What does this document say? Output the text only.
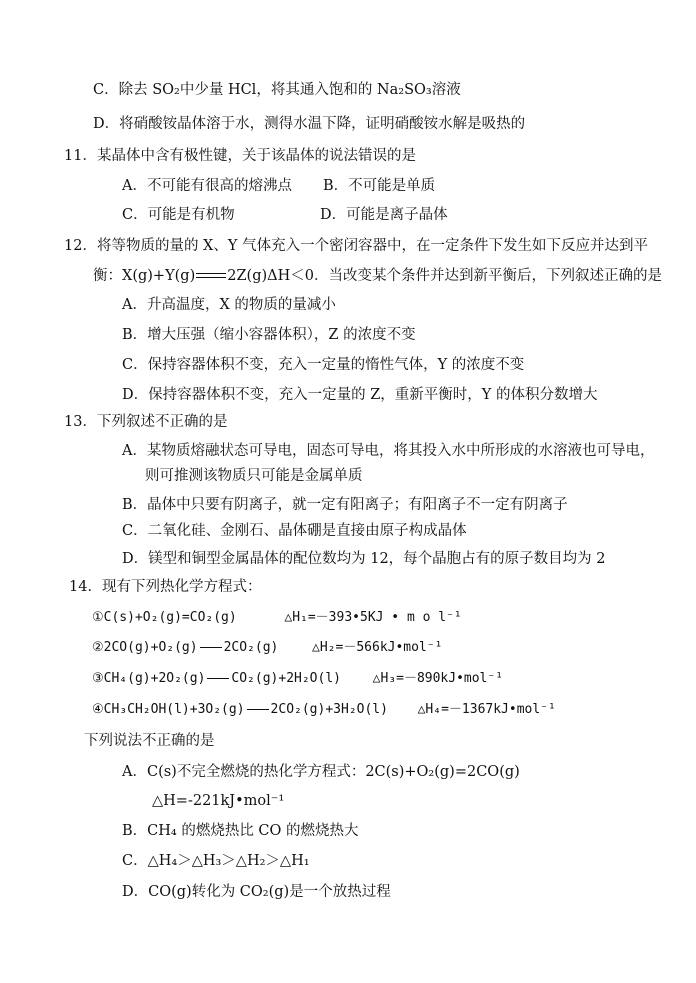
C．除去 SO₂中少量 HCl，将其通入饱和的 Na₂SO₃溶液
D．将硝酸铵晶体溶于水，测得水温下降，证明硝酸铵水解是吸热的
11．某晶体中含有极性键，关于该晶体的说法错误的是
A．不可能有很高的熔沸点 B．不可能是单质
C．可能是有机物	D．可能是离子晶体
12．将等物质的量的 X、Y 气体充入一个密闭容器中，在一定条件下发生如下反应并达到平
衡：X(g)+Y(g) 2Z(g)ΔH＜0．当改变某个条件并达到新平衡后，下列叙述正确的是
A．升高温度，X 的物质的量减小
B．增大压强（缩小容器体积），Z 的浓度不变
C．保持容器体积不变，充入一定量的惰性气体，Y 的浓度不变
D．保持容器体积不变，充入一定量的 Z，重新平衡时，Y 的体积分数增大
13．下列叙述不正确的是
A．某物质熔融状态可导电，固态可导电，将其投入水中所形成的水溶液也可导电，
则可推测该物质只可能是金属单质
B．晶体中只要有阴离子，就一定有阳离子；有阳离子不一定有阴离子
C．二氧化硅、金刚石、晶体硼是直接由原子构成晶体
D．镁型和铜型金属晶体的配位数均为 12，每个晶胞占有的原子数目均为 2
14．现有下列热化学方程式：
①C(s)+O₂(g)=CO₂(g)	△H₁=－393•5KJ • m o l⁻¹
②2CO(g)+O₂(g) 2CO₂(g)	△H₂=－566kJ•mol⁻¹
③CH₄(g)+2O₂(g) CO₂(g)+2H₂O(l) △H₃=－890kJ•mol⁻¹
④CH₃CH₂OH(l)+3O₂(g) 2CO₂(g)+3H₂O(l) △H₄=－1367kJ•mol⁻¹
下列说法不正确的是
A．C(s)不完全燃烧的热化学方程式：2C(s)+O₂(g)=2CO(g)
△H=-221kJ•mol⁻¹
B．CH₄ 的燃烧热比 CO 的燃烧热大
C．△H₄＞△H₃＞△H₂＞△H₁
D．CO(g)转化为 CO₂(g)是一个放热过程
